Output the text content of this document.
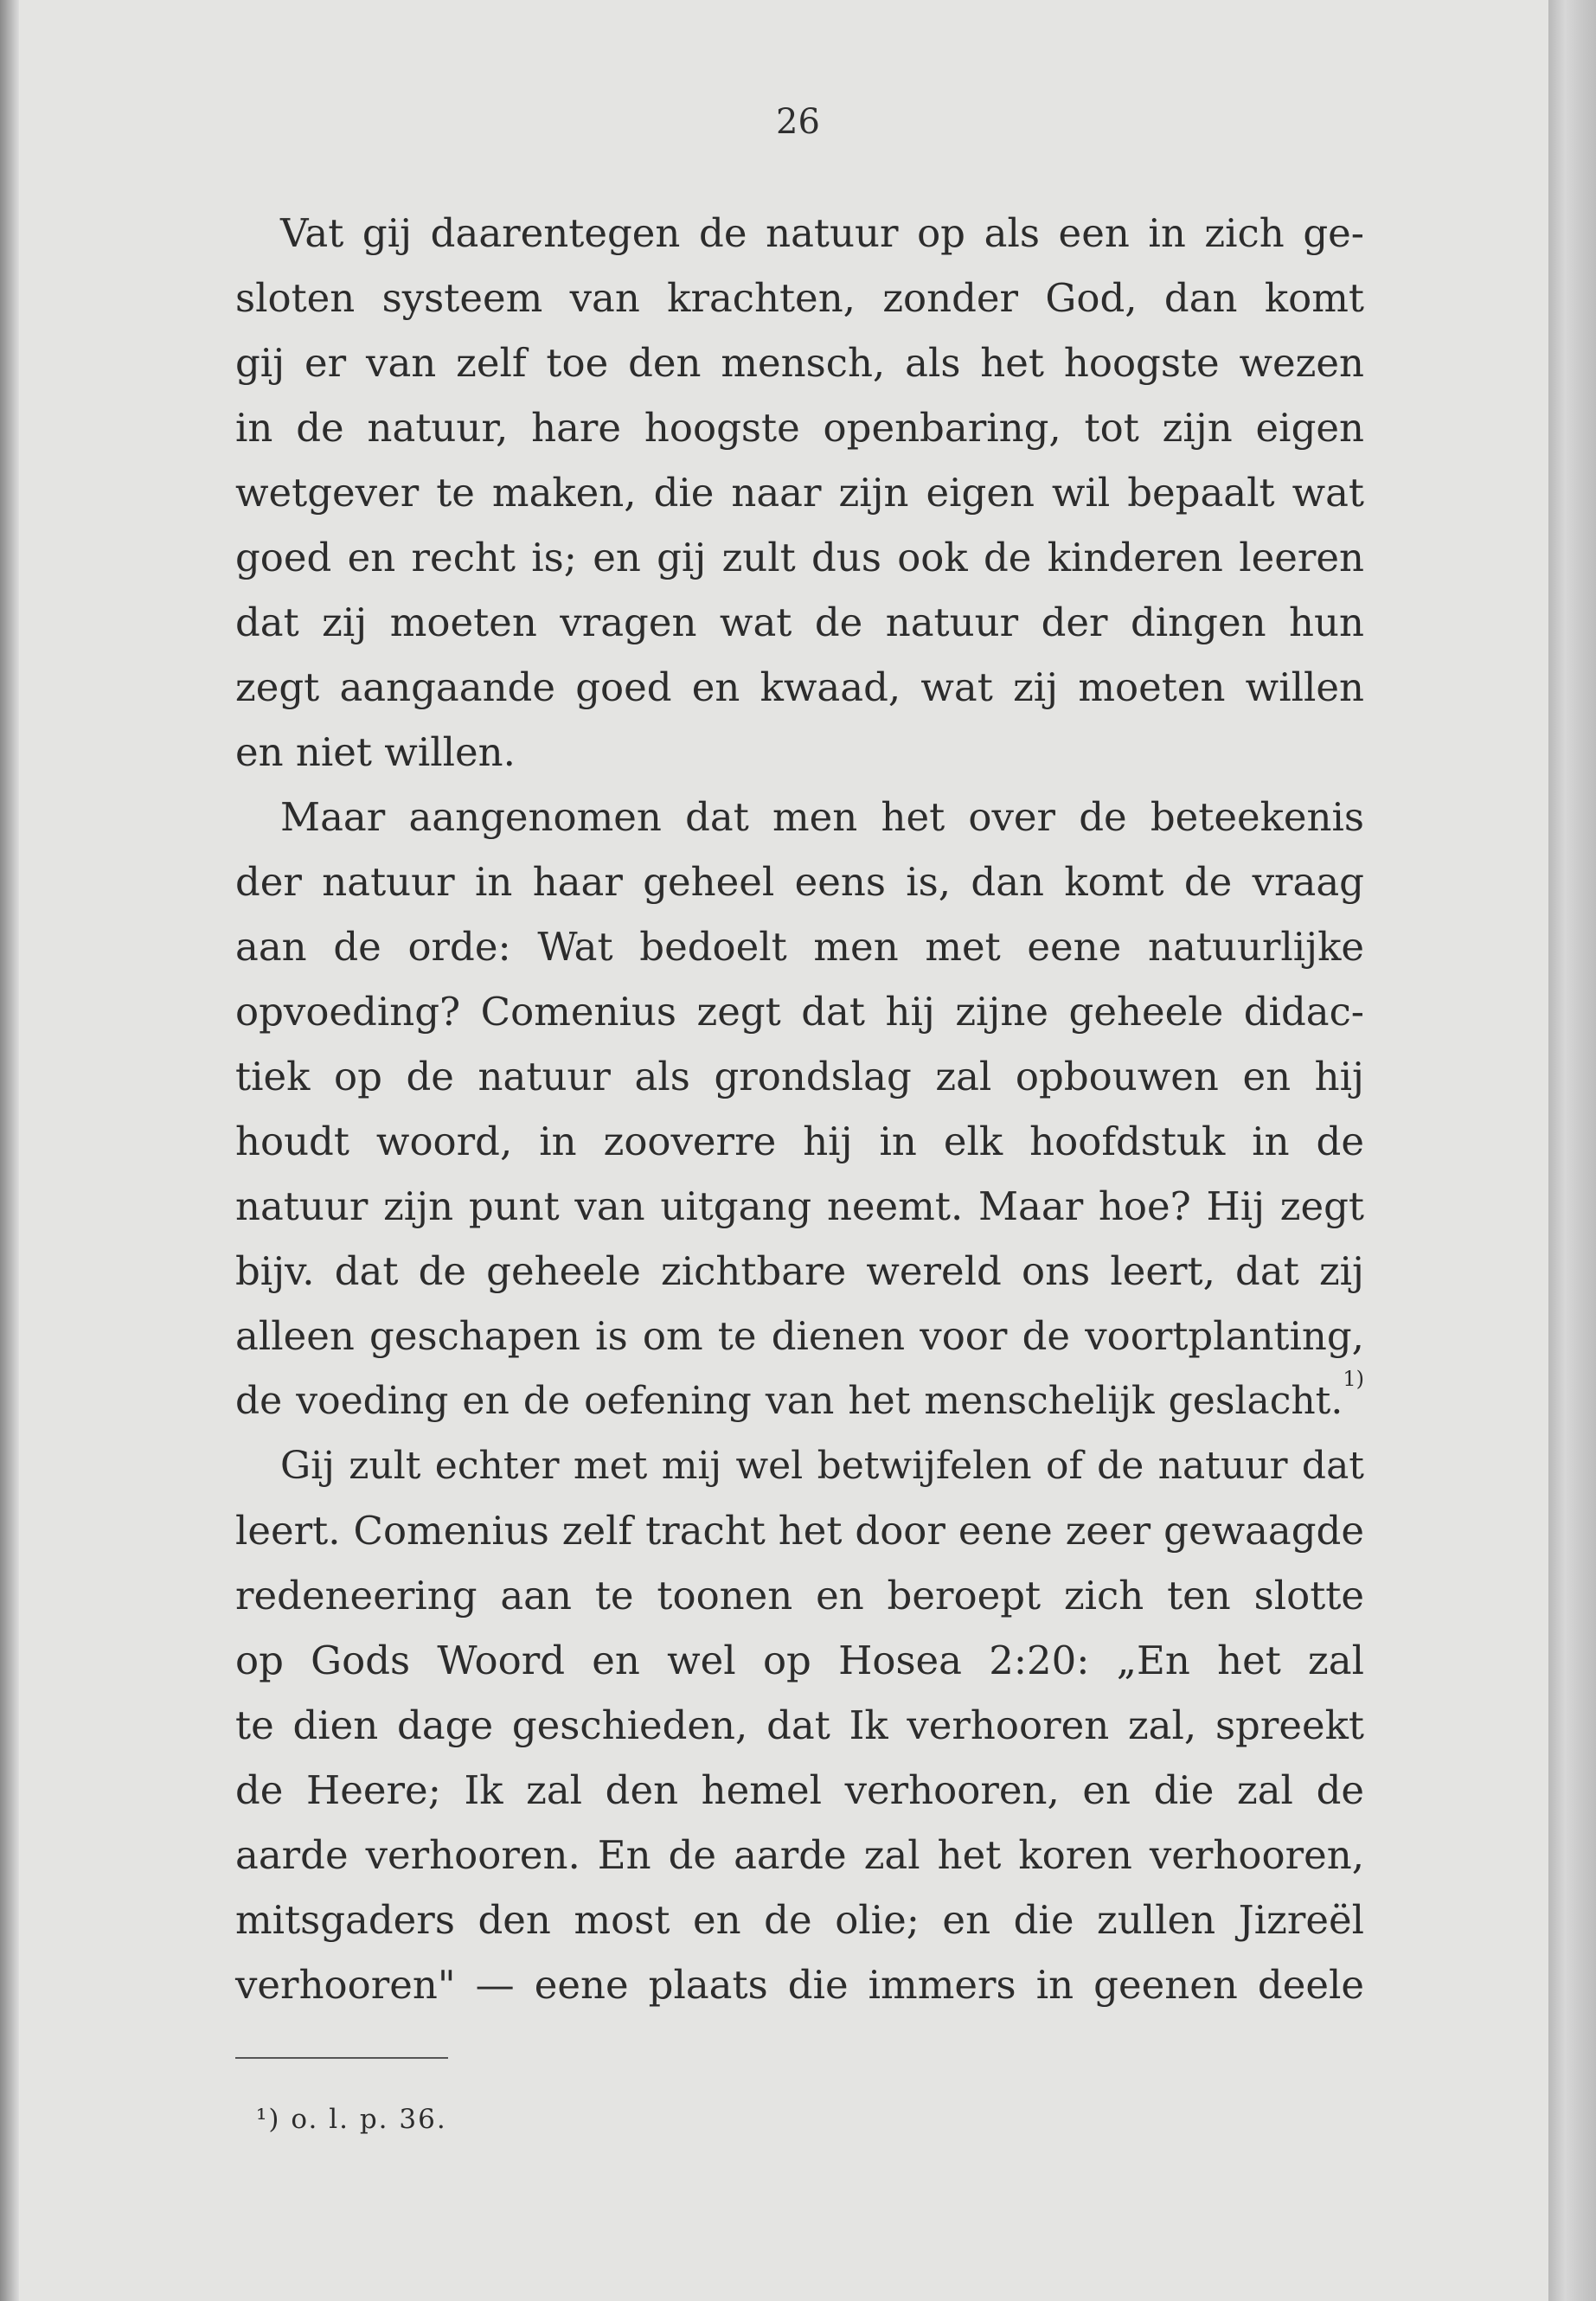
26
Vat gij daarentegen de natuur op als een in zich ge-
sloten systeem van krachten, zonder God, dan komt
gij er van zelf toe den mensch, als het hoogste wezen
in de natuur, hare hoogste openbaring, tot zijn eigen
wetgever te maken, die naar zijn eigen wil bepaalt wat
goed en recht is; en gij zult dus ook de kinderen leeren
dat zij moeten vragen wat de natuur der dingen hun
zegt aangaande goed en kwaad, wat zij moeten willen
en niet willen.
Maar aangenomen dat men het over de beteekenis
der natuur in haar geheel eens is, dan komt de vraag
aan de orde: Wat bedoelt men met eene natuurlijke
opvoeding? Comenius zegt dat hij zijne geheele didac-
tiek op de natuur als grondslag zal opbouwen en hij
houdt woord, in zooverre hij in elk hoofdstuk in de
natuur zijn punt van uitgang neemt. Maar hoe? Hij zegt
bijv. dat de geheele zichtbare wereld ons leert, dat zij
alleen geschapen is om te dienen voor de voortplanting,
de voeding en de oefening van het menschelijk geslacht.$^{1)}$
Gij zult echter met mij wel betwijfelen of de natuur dat
leert. Comenius zelf tracht het door eene zeer gewaagde
redeneering aan te toonen en beroept zich ten slotte
op Gods Woord en wel op Hosea 2:20: „En het zal
te dien dage geschieden, dat Ik verhooren zal, spreekt
de Heere; Ik zal den hemel verhooren, en die zal de
aarde verhooren. En de aarde zal het koren verhooren,
mitsgaders den most en de olie; en die zullen Jizreël
verhooren" — eene plaats die immers in geenen deele
¹) o. l. p. 36.
